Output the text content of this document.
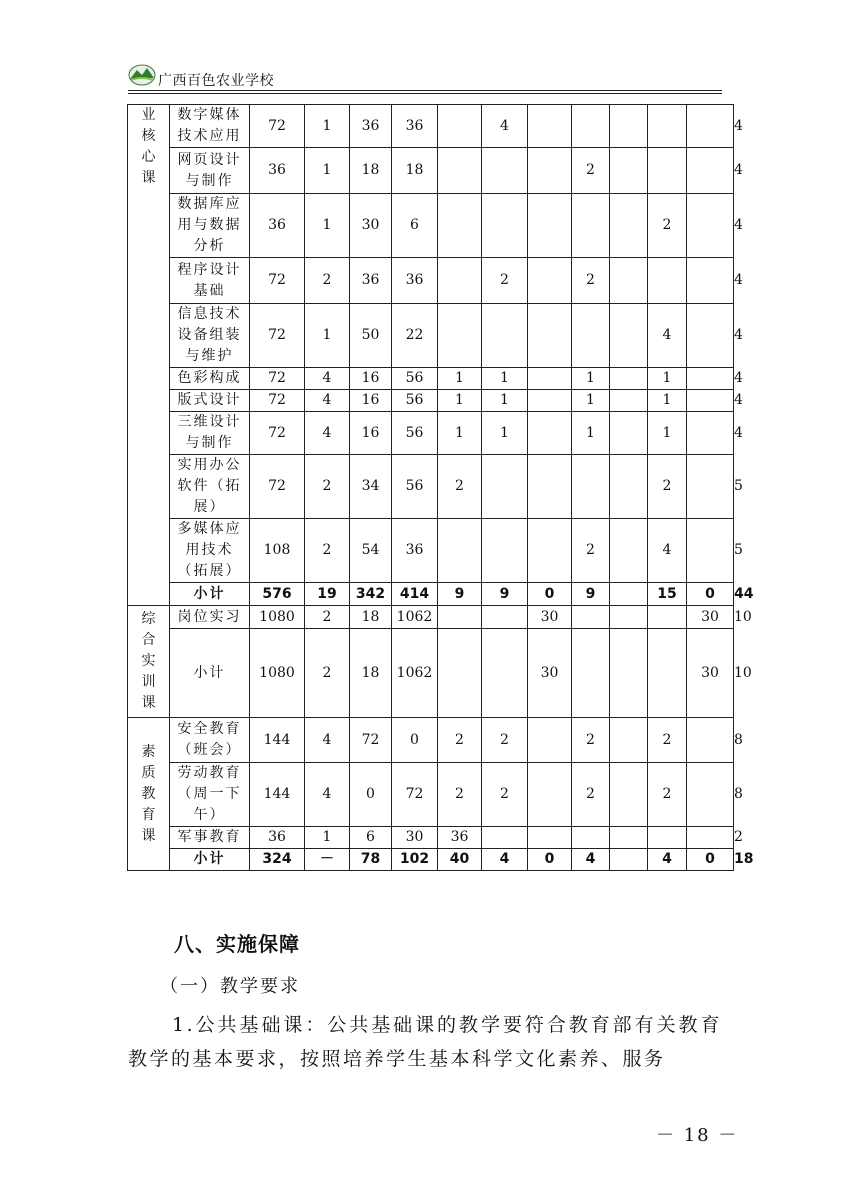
广西百色农业学校
业核心课	数字媒体技术应用	72	1	36	36		4						4
	网页设计与制作	36	1	18	18				2				4
	数据库应用与数据分析	36	1	30	6						2		4
	程序设计基础	72	2	36	36		2		2				4
	信息技术设备组装与维护	72	1	50	22						4		4
	色彩构成	72	4	16	56	1	1		1		1		4
	版式设计	72	4	16	56	1	1		1		1		4
	三维设计与制作	72	4	16	56	1	1		1		1		4
	实用办公软件（拓展）	72	2	34	56	2					2		5
	多媒体应用技术（拓展）	108	2	54	36				2		4		5
	小计	576	19	342	414	9	9	0	9		15	0	44
综合实训课	岗位实习	1080	2	18	1062			30				30	10
	小计	1080	2	18	1062			30				30	10
素质教育课	安全教育（班会）	144	4	72	0	2	2		2		2		8
	劳动教育（周一下午）	144	4	0	72	2	2		2		2		8
	军事教育	36	1	6	30	36							2
	小计	324	－	78	102	40	4	0	4		4	0	18
八、实施保障
（一）教学要求
1.公共基础课：公共基础课的教学要符合教育部有关教育教学的基本要求，按照培养学生基本科学文化素养、服务
－ 18 －
